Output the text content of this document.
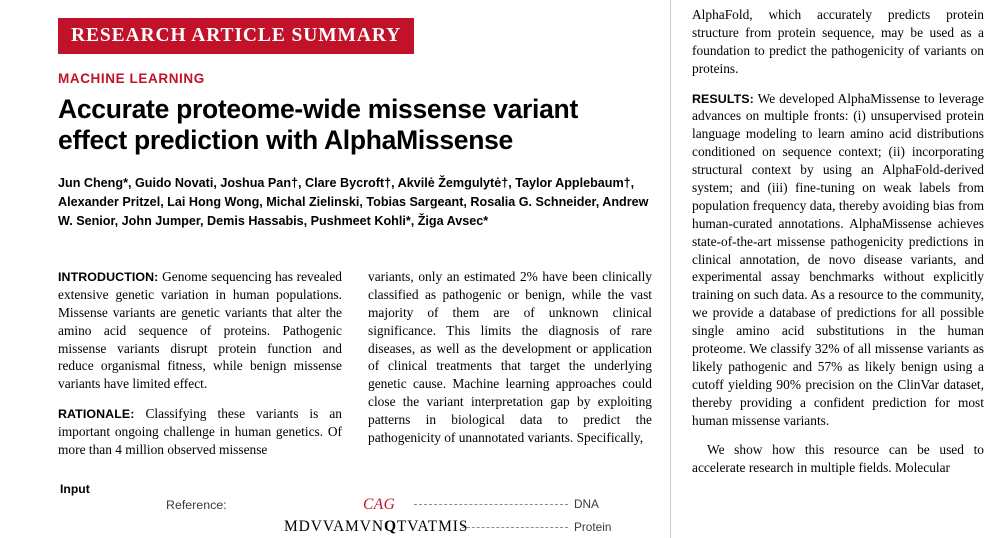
RESEARCH ARTICLE SUMMARY
MACHINE LEARNING
Accurate proteome-wide missense variant effect prediction with AlphaMissense
Jun Cheng*, Guido Novati, Joshua Pan†, Clare Bycroft†, Akvilė Žemgulytė†, Taylor Applebaum†, Alexander Pritzel, Lai Hong Wong, Michal Zielinski, Tobias Sargeant, Rosalia G. Schneider, Andrew W. Senior, John Jumper, Demis Hassabis, Pushmeet Kohli*, Žiga Avsec*

INTRODUCTION: Genome sequencing has revealed extensive genetic variation in human populations. Missense variants are genetic variants that alter the amino acid sequence of proteins. Pathogenic missense variants disrupt protein function and reduce organismal fitness, while benign missense variants have limited effect.

RATIONALE: Classifying these variants is an important ongoing challenge in human genetics. Of more than 4 million observed missense

variants, only an estimated 2% have been clinically classified as pathogenic or benign, while the vast majority of them are of unknown clinical significance. This limits the diagnosis of rare diseases, as well as the development or application of clinical treatments that target the underlying genetic cause. Machine learning approaches could close the variant interpretation gap by exploiting patterns in biological data to predict the pathogenicity of unannotated variants. Specifically,

Input
Reference:	CAG	DNA
MDVVAMVNQTVATMIS	Protein

AlphaFold, which accurately predicts protein structure from protein sequence, may be used as a foundation to predict the pathogenicity of variants on proteins.

RESULTS: We developed AlphaMissense to leverage advances on multiple fronts: (i) unsupervised protein language modeling to learn amino acid distributions conditioned on sequence context; (ii) incorporating structural context by using an AlphaFold-derived system; and (iii) fine-tuning on weak labels from population frequency data, thereby avoiding bias from human-curated annotations. AlphaMissense achieves state-of-the-art missense pathogenicity predictions in clinical annotation, de novo disease variants, and experimental assay benchmarks without explicitly training on such data. As a resource to the community, we provide a database of predictions for all possible single amino acid substitutions in the human proteome. We classify 32% of all missense variants as likely pathogenic and 57% as likely benign using a cutoff yielding 90% precision on the ClinVar dataset, thereby providing a confident prediction for most human missense variants.

We show how this resource can be used to accelerate research in multiple fields. Molecular
